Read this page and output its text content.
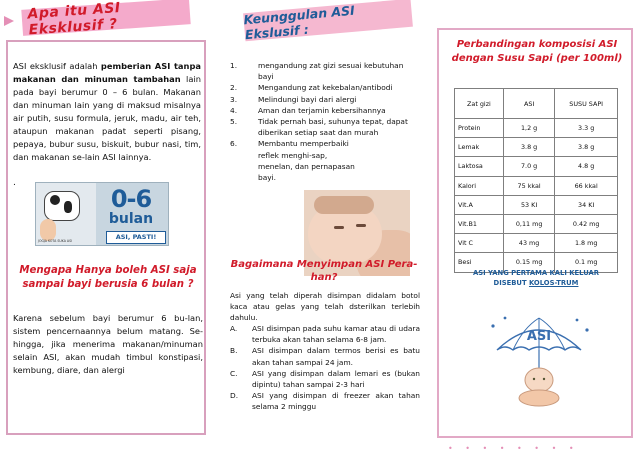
Apa itu ASI Eksklusif ?
ASI eksklusif adalah pemberian ASI tanpa makanan dan minuman tambahan lain pada bayi berumur 0 – 6 bulan. Makanan dan minuman lain yang di maksud misalnya air putih, susu formula, jeruk, madu, air teh, ataupun makanan padat seperti pisang, pepaya, bubur susu, biskuit, bubur nasi, tim, dan makanan se-lain ASI lainnya.
.
0-6
bulan
ASI, PASTI!
JOGJA KOTA SUKA ASI
Mengapa Hanya boleh ASI saja sampai bayi berusia 6 bulan ?
Karena sebelum bayi berumur 6 bu-lan, sistem pencernaannya belum matang. Se-hingga, jika menerima makanan/minuman selain ASI, akan mudah timbul konstipasi, kembung, diare, dan alergi
Keunggulan ASI Ekslusif :
1.	mengandung zat gizi sesuai kebutuhan bayi
2.	Mengandung zat kekebalan/antibodi
3.	Melindungi bayi dari alergi
4.	Aman dan terjamin kebersihannya
5.	Tidak pernah basi, suhunya tepat, dapat diberikan setiap saat dan murah
6.	Membantu memperbaiki reflek menghi-sap, menelan, dan pernapasan bayi.
Bagaimana Menyimpan ASI Pera-han?
Asi yang telah diperah disimpan didalam botol kaca atau gelas yang telah dsterilkan terlebih dahulu.
A. ASI disimpan pada suhu kamar atau di udara terbuka akan tahan selama 6-8 jam.
B. ASI disimpan dalam termos berisi es batu akan tahan sampai 24 jam.
C. ASI yang disimpan dalam lemari es (bukan dipintu) tahan sampai 2-3 hari
D. ASI yang disimpan di freezer akan tahan selama 2 minggu
Perbandingan komposisi ASI dengan Susu Sapi (per 100ml)
Zat gizi	ASI	SUSU SAPI
Protein	1,2 g	3.3 g
Lemak	3.8 g	3.8 g
Laktosa	7.0 g	4.8 g
Kalori	75 kkal	66 kkal
Vit.A	53 KI	34 KI
Vit.B1	0,11 mg	0.42 mg
Vit C	43 mg	1.8 mg
Besi	0.15 mg	0.1 mg
ASI YANG PERTAMA KALI KELUAR DISEBUT KOLOS-TRUM
ASI
• • • • • • • •
